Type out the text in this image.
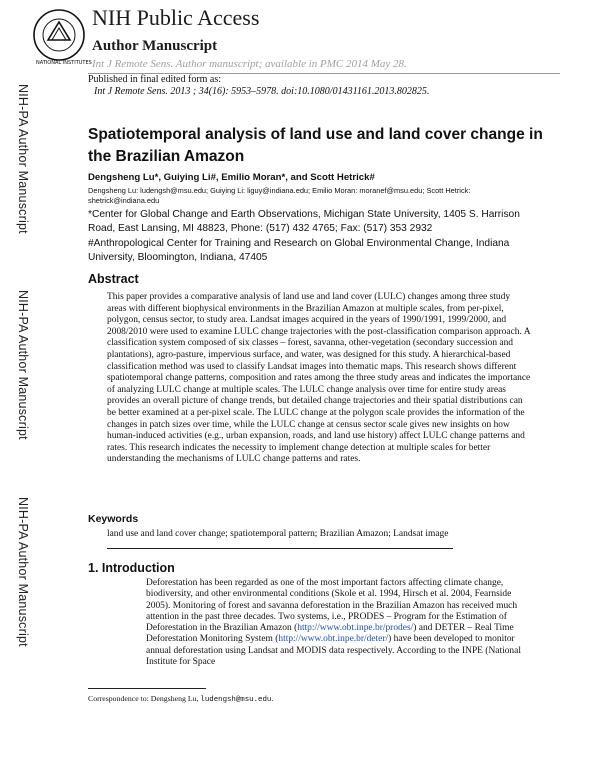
NATIONAL INSTITUTES
NIH Public Access
Author Manuscript
Int J Remote Sens. Author manuscript; available in PMC 2014 May 28.
Published in final edited form as:
Int J Remote Sens. 2013 ; 34(16): 5953–5978. doi:10.1080/01431161.2013.802825.
NIH-PA Author Manuscript
NIH-PA Author Manuscript
NIH-PA Author Manuscript
Spatiotemporal analysis of land use and land cover change in the Brazilian Amazon
Dengsheng Lu*, Guiying Li#, Emilio Moran*, and Scott Hetrick#
Dengsheng Lu: ludengsh@msu.edu; Guiying Li: liguy@indiana.edu; Emilio Moran: moranef@msu.edu; Scott Hetrick: shetrick@indiana.edu
*Center for Global Change and Earth Observations, Michigan State University, 1405 S. Harrison Road, East Lansing, MI 48823, Phone: (517) 432 4765; Fax: (517) 353 2932
#Anthropological Center for Training and Research on Global Environmental Change, Indiana University, Bloomington, Indiana, 47405
Abstract
This paper provides a comparative analysis of land use and land cover (LULC) changes among three study areas with different biophysical environments in the Brazilian Amazon at multiple scales, from per-pixel, polygon, census sector, to study area. Landsat images acquired in the years of 1990/1991, 1999/2000, and 2008/2010 were used to examine LULC change trajectories with the post-classification comparison approach. A classification system composed of six classes – forest, savanna, other-vegetation (secondary succession and plantations), agro-pasture, impervious surface, and water, was designed for this study. A hierarchical-based classification method was used to classify Landsat images into thematic maps. This research shows different spatiotemporal change patterns, composition and rates among the three study areas and indicates the importance of analyzing LULC change at multiple scales. The LULC change analysis over time for entire study areas provides an overall picture of change trends, but detailed change trajectories and their spatial distributions can be better examined at a per-pixel scale. The LULC change at the polygon scale provides the information of the changes in patch sizes over time, while the LULC change at census sector scale gives new insights on how human-induced activities (e.g., urban expansion, roads, and land use history) affect LULC change patterns and rates. This research indicates the necessity to implement change detection at multiple scales for better understanding the mechanisms of LULC change patterns and rates.
Keywords
land use and land cover change; spatiotemporal pattern; Brazilian Amazon; Landsat image
1. Introduction
Deforestation has been regarded as one of the most important factors affecting climate change, biodiversity, and other environmental conditions (Skole et al. 1994, Hirsch et al. 2004, Fearnside 2005). Monitoring of forest and savanna deforestation in the Brazilian Amazon has received much attention in the past three decades. Two systems, i.e., PRODES – Program for the Estimation of Deforestation in the Brazilian Amazon (http://www.obt.inpe.br/prodes/) and DETER – Real Time Deforestation Monitoring System (http://www.obt.inpe.br/deter/) have been developed to monitor annual deforestation using Landsat and MODIS data respectively. According to the INPE (National Institute for Space
Correspondence to: Dengsheng Lu, ludengsh@msu.edu.
